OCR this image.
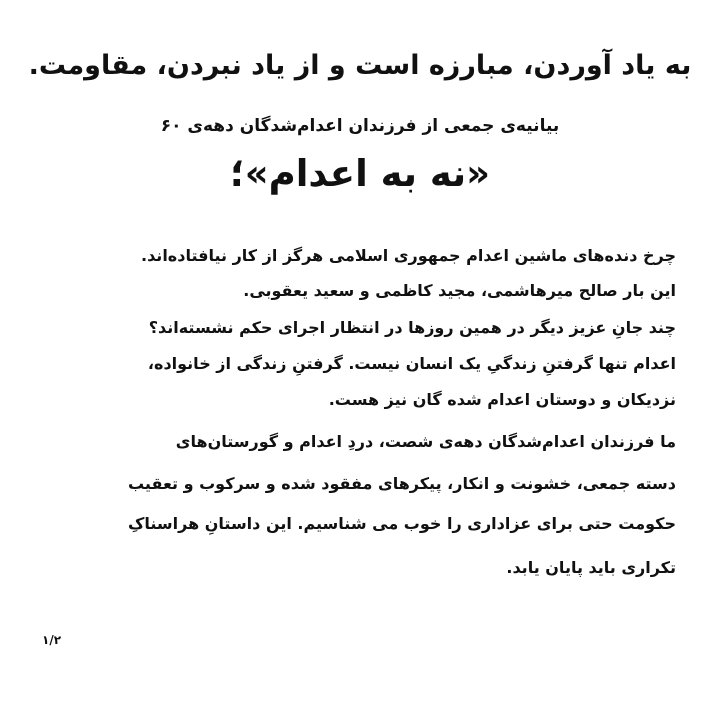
به یاد آوردن، مبارزه است و از یاد نبردن، مقاومت.
بیانیه‌ی جمعی از فرزندان اعدام‌شدگان دهه‌ی ۶۰
«نه به اعدام»؛
چرخ دنده‌های ماشین اعدام جمهوری اسلامی هرگز از کار نیافتاده‌اند.
این بار صالح میرهاشمی، مجید کاظمی و سعید یعقوبی.
چند جانِ عزیز دیگر در همین روزها در انتظار اجرای حکم نشسته‌اند؟
اعدام تنها گرفتنِ زندگیِ یک انسان نیست. گرفتنِ زندگی از خانواده،
نزدیکان و دوستان اعدام شده گان نیز هست.
ما فرزندان اعدام‌شدگان دهه‌ی شصت، دردِ اعدام و گورستان‌های
دسته جمعی، خشونت و انکار، پیکرهای مفقود شده و سرکوب و تعقیب
حکومت حتی برای عزاداری را خوب می شناسیم. این داستانِ هراسناکِ
تکراری باید پایان یابد.
۱/۲
